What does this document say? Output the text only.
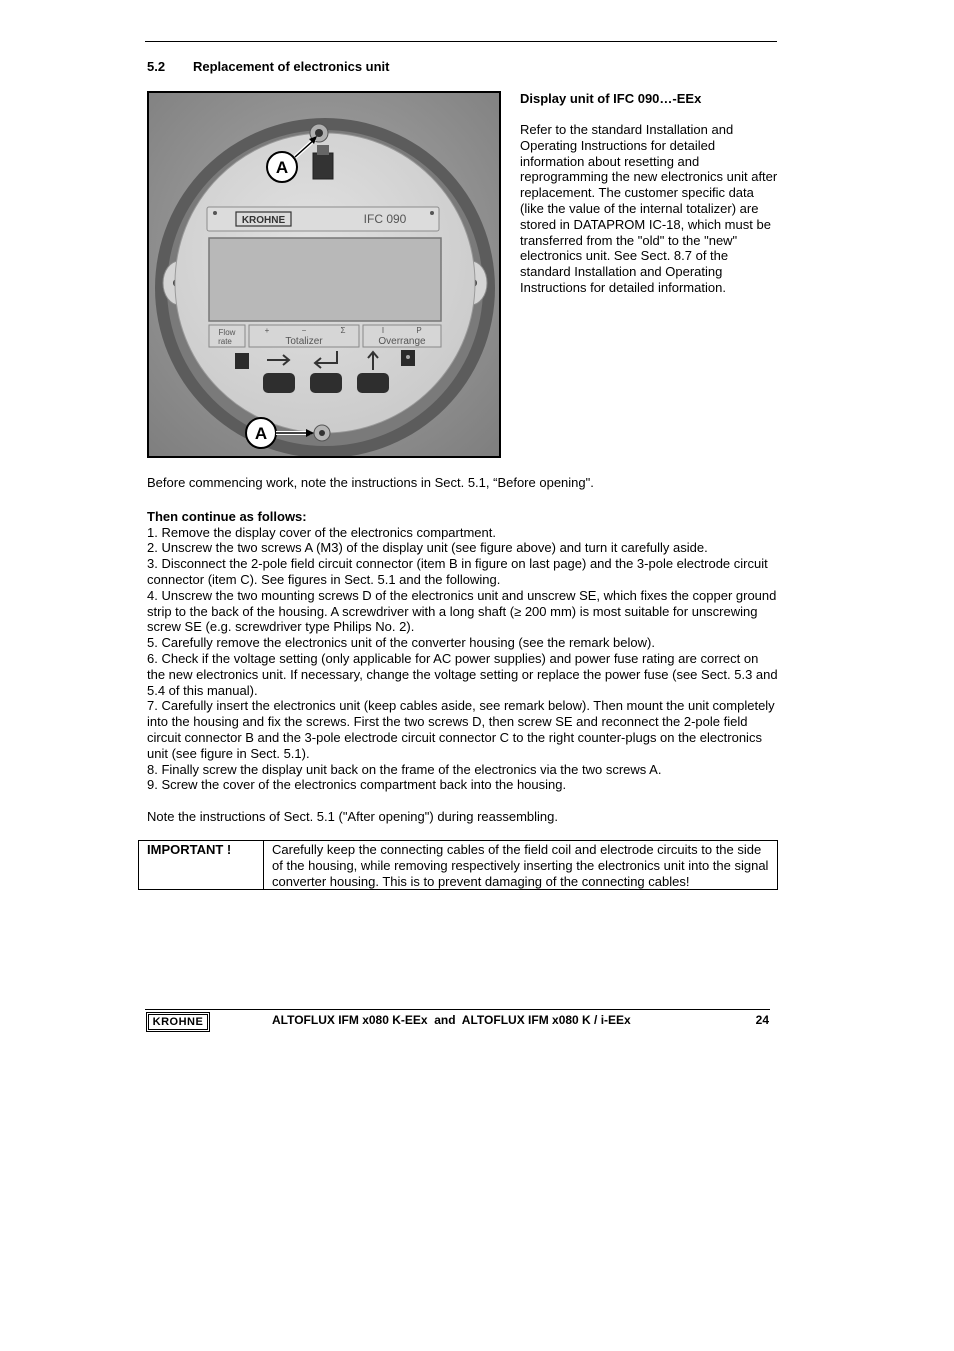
5.2 Replacement of electronics unit
KROHNE	IFC 090
Flow
rate
+	−	Σ
Totalizer
I	P
Overrange
A
A
Display unit of IFC 090…-EEx

Refer to the standard Installation and Operating Instructions for detailed information about resetting and reprogramming the new electronics unit after replacement. The customer specific data (like the value of the internal totalizer) are stored in DATAPROM IC-18, which must be transferred from the "old" to the "new" electronics unit. See Sect. 8.7 of the standard Installation and Operating Instructions for detailed information.

Before commencing work, note the instructions in Sect. 5.1, “Before opening".

Then continue as follows:

1. Remove the display cover of the electronics compartment.
2. Unscrew the two screws A (M3) of the display unit (see figure above) and turn it carefully aside.
3. Disconnect the 2-pole field circuit connector (item B in figure on last page) and the 3-pole electrode circuit connector (item C). See figures in Sect. 5.1 and the following.
4. Unscrew the two mounting screws D of the electronics unit and unscrew SE, which fixes the copper ground strip to the back of the housing. A screwdriver with a long shaft (≥ 200 mm) is most suitable for unscrewing screw SE (e.g. screwdriver type Philips No. 2).
5. Carefully remove the electronics unit of the converter housing (see the remark below).
6. Check if the voltage setting (only applicable for AC power supplies) and power fuse rating are correct on the new electronics unit. If necessary, change the voltage setting or replace the power fuse (see Sect. 5.3 and 5.4 of this manual).
7. Carefully insert the electronics unit (keep cables aside, see remark below). Then mount the unit completely into the housing and fix the screws. First the two screws D, then screw SE and reconnect the 2-pole field circuit connector B and the 3-pole electrode circuit connector C to the right counter-plugs on the electronics unit (see figure in Sect. 5.1).
8. Finally screw the display unit back on the frame of the electronics via the two screws A.
9. Screw the cover of the electronics compartment back into the housing.

Note the instructions of Sect. 5.1 ("After opening") during reassembling.

IMPORTANT !	Carefully keep the connecting cables of the field coil and electrode circuits to the side of the housing, while removing respectively inserting the electronics unit into the signal converter housing. This is to prevent damaging of the connecting cables!
KROHNE	ALTOFLUX IFM x080 K-EEx  and  ALTOFLUX IFM x080 K / i-EEx	24
